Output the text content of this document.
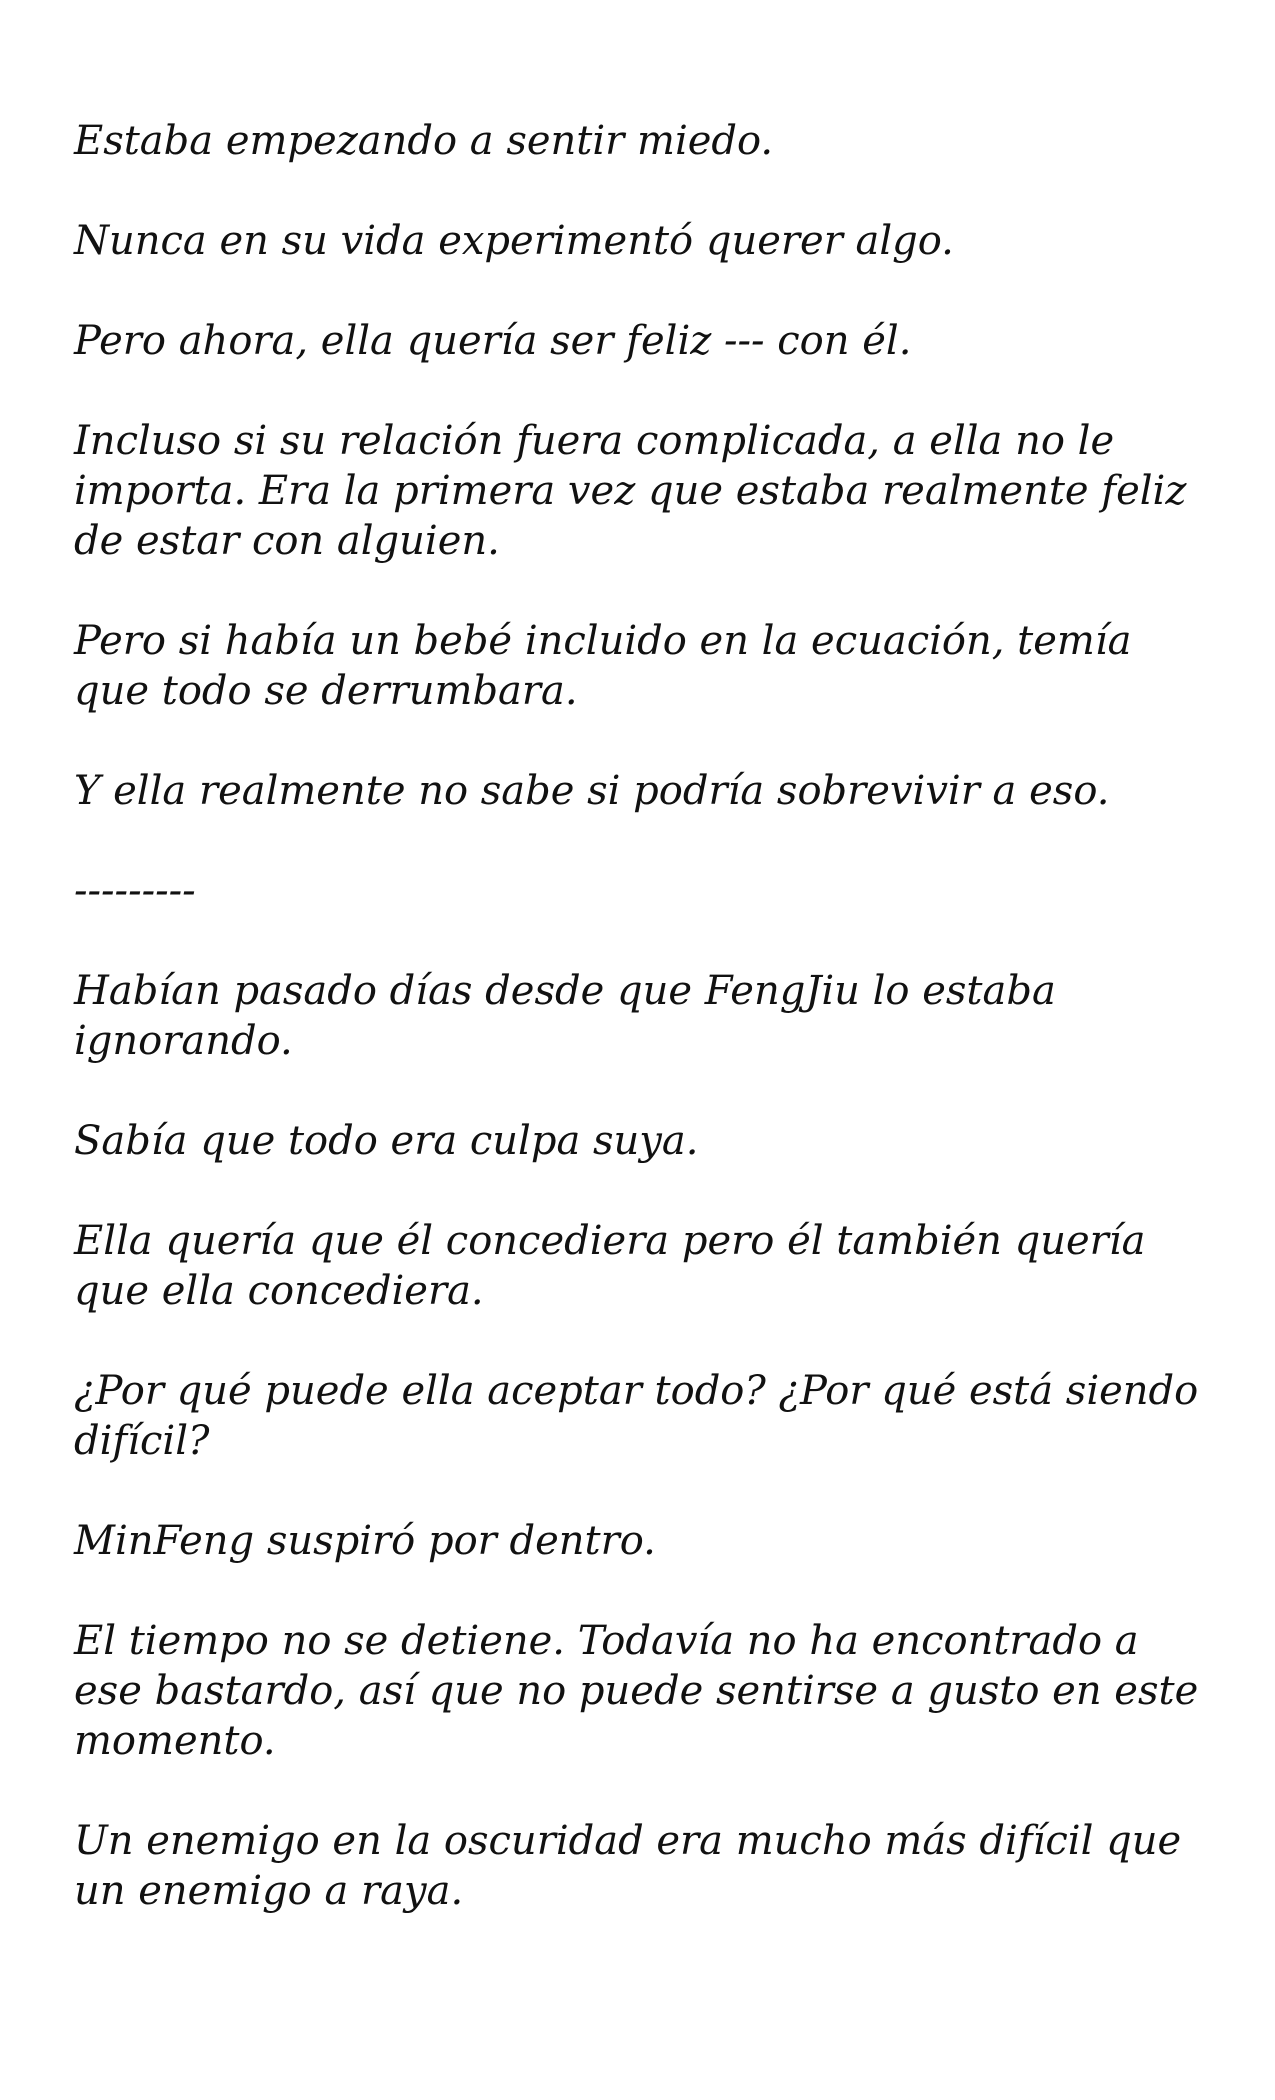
Estaba empezando a sentir miedo.

Nunca en su vida experimentó querer algo.

Pero ahora, ella quería ser feliz --- con él.

Incluso si su relación fuera complicada, a ella no le importa. Era la primera vez que estaba realmente feliz de estar con alguien.

Pero si había un bebé incluido en la ecuación, temía que todo se derrumbara.

Y ella realmente no sabe si podría sobrevivir a eso.

---------

Habían pasado días desde que FengJiu lo estaba ignorando.

Sabía que todo era culpa suya.

Ella quería que él concediera pero él también quería que ella concediera.

¿Por qué puede ella aceptar todo? ¿Por qué está siendo difícil?

MinFeng suspiró por dentro.

El tiempo no se detiene. Todavía no ha encontrado a ese bastardo, así que no puede sentirse a gusto en este momento.

Un enemigo en la oscuridad era mucho más difícil que un enemigo a raya.
